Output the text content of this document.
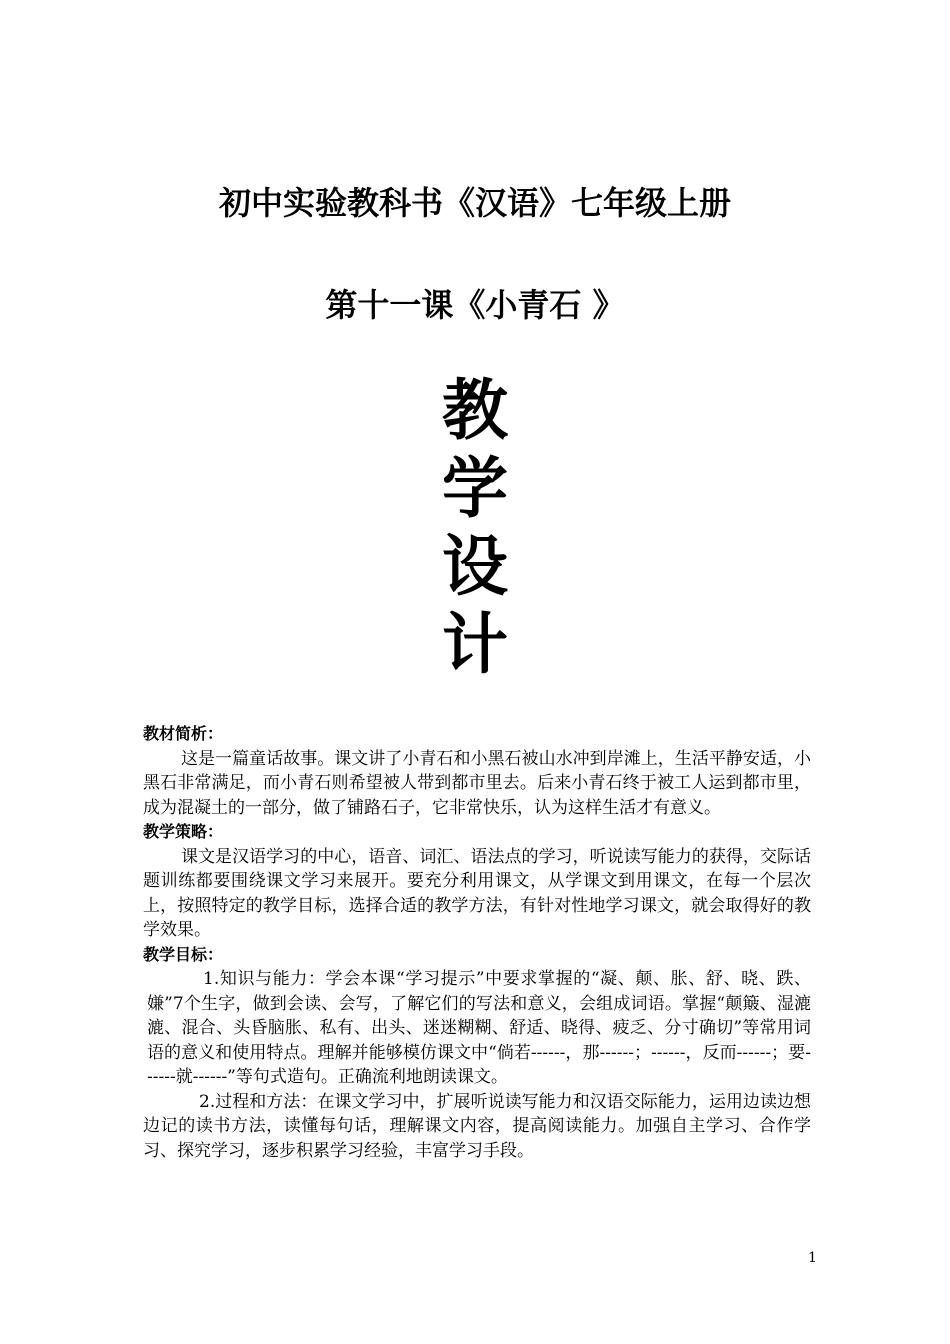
初中实验教科书《汉语》七年级上册
第十一课《小青石 》
教
学
设
计
教材简析：

这是一篇童话故事。课文讲了小青石和小黑石被山水冲到岸滩上，生活平静安适，小黑石非常满足，而小青石则希望被人带到都市里去。后来小青石终于被工人运到都市里，成为混凝土的一部分，做了铺路石子，它非常快乐，认为这样生活才有意义。

教学策略：

课文是汉语学习的中心，语音、词汇、语法点的学习，听说读写能力的获得，交际话题训练都要围绕课文学习来展开。要充分利用课文，从学课文到用课文，在每一个层次上，按照特定的教学目标，选择合适的教学方法，有针对性地学习课文，就会取得好的教学效果。

教学目标：

1.知识与能力：学会本课“学习提示”中要求掌握的“凝、颠、胀、舒、晓、跌、嫌”7个生字，做到会读、会写，了解它们的写法和意义，会组成词语。掌握“颠簸、湿漉漉、混合、头昏脑胀、私有、出头、迷迷糊糊、舒适、晓得、疲乏、分寸确切”等常用词语的意义和使用特点。理解并能够模仿课文中“倘若------，那------；------，反而------；要------就------”等句式造句。正确流利地朗读课文。

2.过程和方法：在课文学习中，扩展听说读写能力和汉语交际能力，运用边读边想边记的读书方法，读懂每句话，理解课文内容，提高阅读能力。加强自主学习、合作学习、探究学习，逐步积累学习经验，丰富学习手段。

1
